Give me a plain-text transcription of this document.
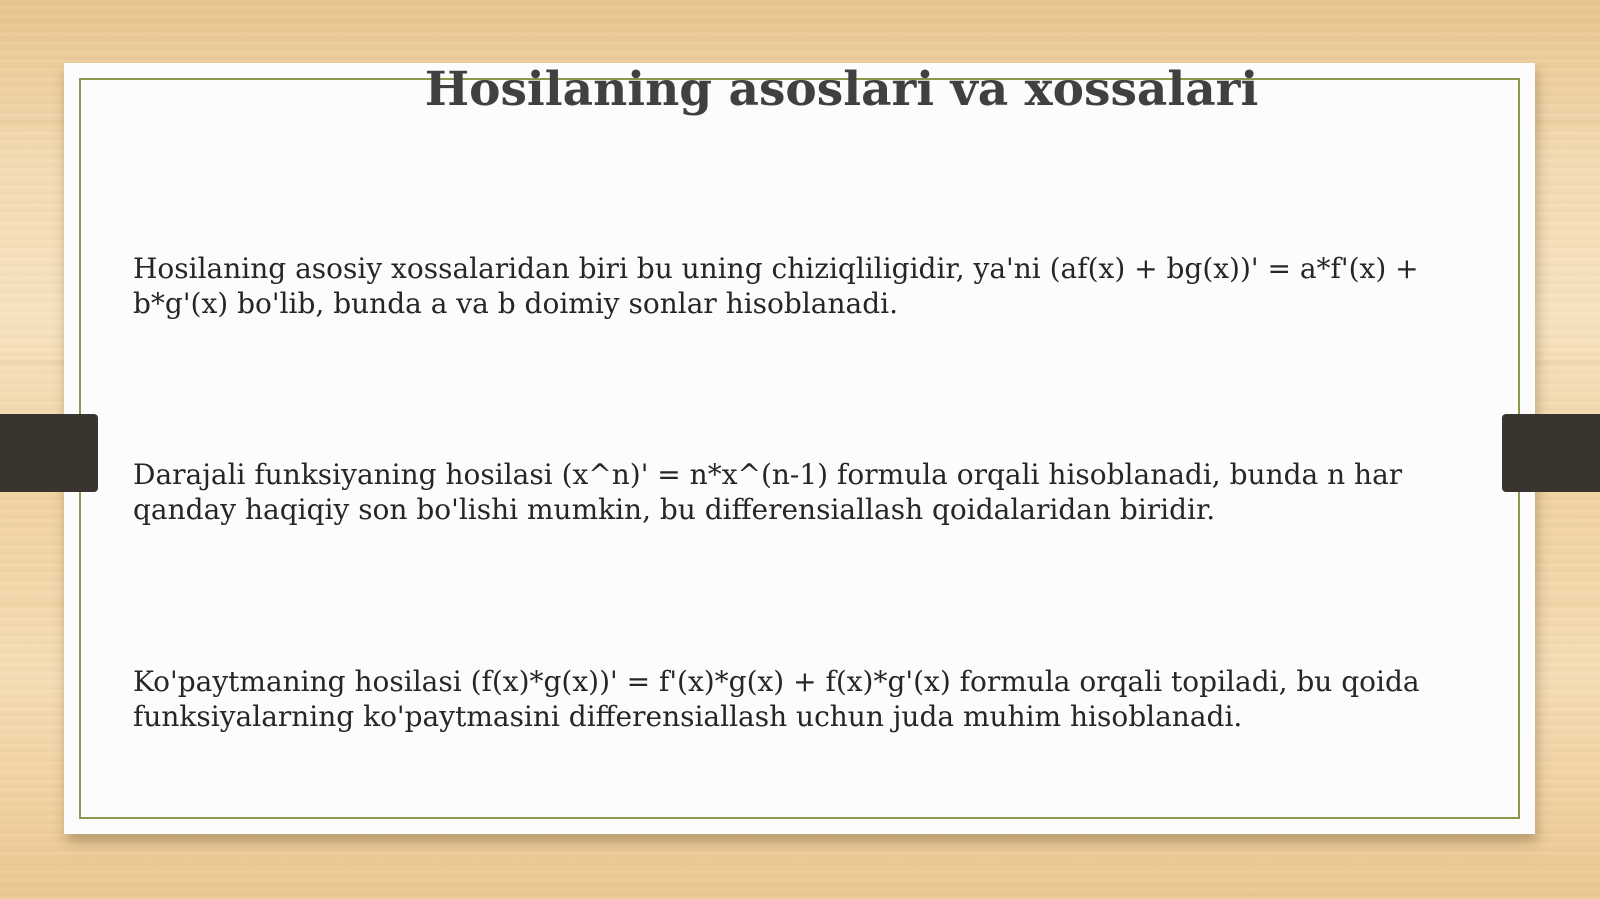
Hosilaning asoslari va xossalari

Hosilaning asosiy xossalaridan biri bu uning chiziqliligidir, ya'ni (af(x) + bg(x))' = a*f'(x) + b*g'(x) bo'lib, bunda a va b doimiy sonlar hisoblanadi.

Darajali funksiyaning hosilasi (x^n)' = n*x^(n-1) formula orqali hisoblanadi, bunda n har qanday haqiqiy son bo'lishi mumkin, bu differensiallash qoidalaridan biridir.

Ko'paytmaning hosilasi (f(x)*g(x))' = f'(x)*g(x) + f(x)*g'(x) formula orqali topiladi, bu qoida funksiyalarning ko'paytmasini differensiallash uchun juda muhim hisoblanadi.
